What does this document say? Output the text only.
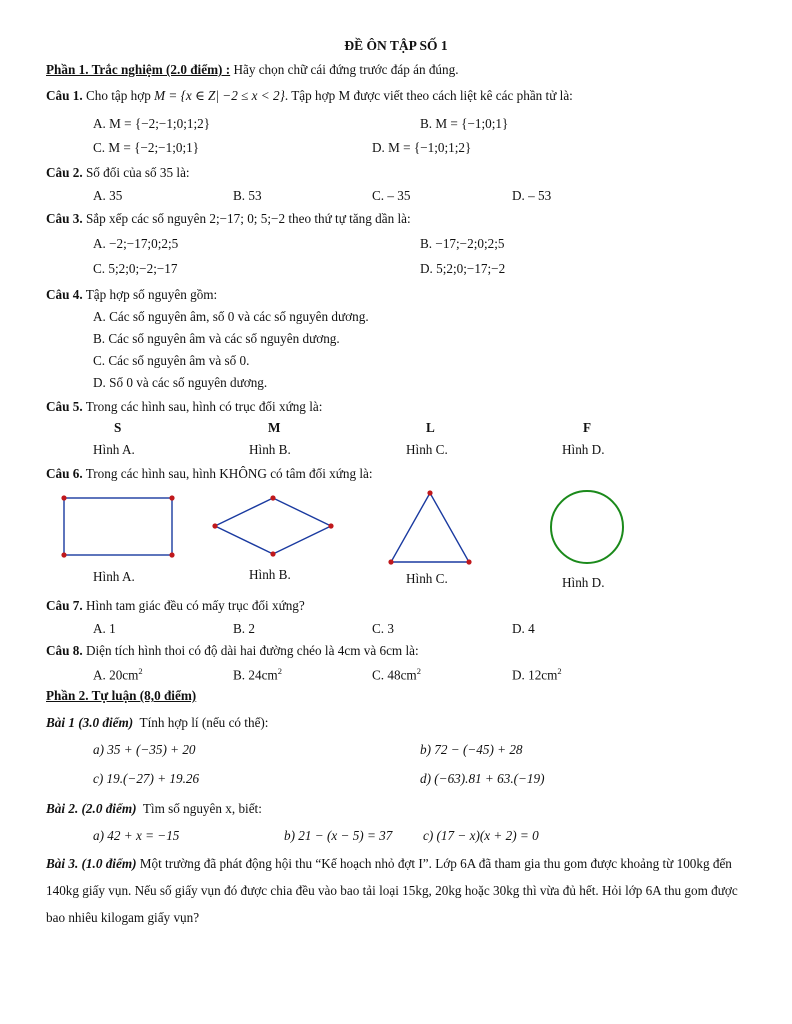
ĐỀ ÔN TẬP SỐ 1
Phần 1. Trắc nghiệm (2.0 điểm) : Hãy chọn chữ cái đứng trước đáp án đúng.
Câu 1. Cho tập hợp M = {x ∈ Z| −2 ≤ x < 2}. Tập hợp M được viết theo cách liệt kê các phần tử là:
A. M = {−2;−1;0;1;2}	B. M = {−1;0;1}
C. M = {−2;−1;0;1}	D. M = {−1;0;1;2}
Câu 2. Số đối của số 35 là:
A. 35	B. 53	C. – 35	D. – 53
Câu 3. Sắp xếp các số nguyên 2;−17; 0; 5;−2 theo thứ tự tăng dần là:
A. −2;−17;0;2;5	B. −17;−2;0;2;5
C. 5;2;0;−2;−17	D. 5;2;0;−17;−2
Câu 4. Tập hợp số nguyên gồm:
A. Các số nguyên âm, số 0 và các số nguyên dương.
B. Các số nguyên âm và các số nguyên dương.
C. Các số nguyên âm và số 0.
D. Số 0 và các số nguyên dương.
Câu 5. Trong các hình sau, hình có trục đối xứng là:
S	M	L	F
Hình A.	Hình B.	Hình C.	Hình D.
Câu 6. Trong các hình sau, hình KHÔNG có tâm đối xứng là:
Hình A.	Hình B.	Hình C.	Hình D.
Câu 7. Hình tam giác đều có mấy trục đối xứng?
A. 1	B. 2	C. 3	D. 4
Câu 8. Diện tích hình thoi có độ dài hai đường chéo là 4cm và 6cm là:
A. $20cm^2$	B. $24cm^2$	C. $48cm^2$	D. $12cm^2$
Phần 2. Tự luận (8,0 điểm)
Bài 1 (3.0 điểm) Tính hợp lí (nếu có thể):
a) 35 + (−35) + 20	b) 72 − (−45) + 28
c) 19.(−27) + 19.26	d) (−63).81 + 63.(−19)
Bài 2. (2.0 điểm) Tìm số nguyên x, biết:
a) 42 + x = −15	b) 21 − (x − 5) = 37 c) (17 − x)(x + 2) = 0
Bài 3. (1.0 điểm) Một trường đã phát động hội thu “Kế hoạch nhỏ đợt I”. Lớp 6A đã tham gia thu gom được khoảng từ 100kg đến 140kg giấy vụn. Nếu số giấy vụn đó được chia đều vào bao tải loại 15kg, 20kg hoặc 30kg thì vừa đủ hết. Hỏi lớp 6A thu gom được bao nhiêu kilogam giấy vụn?
